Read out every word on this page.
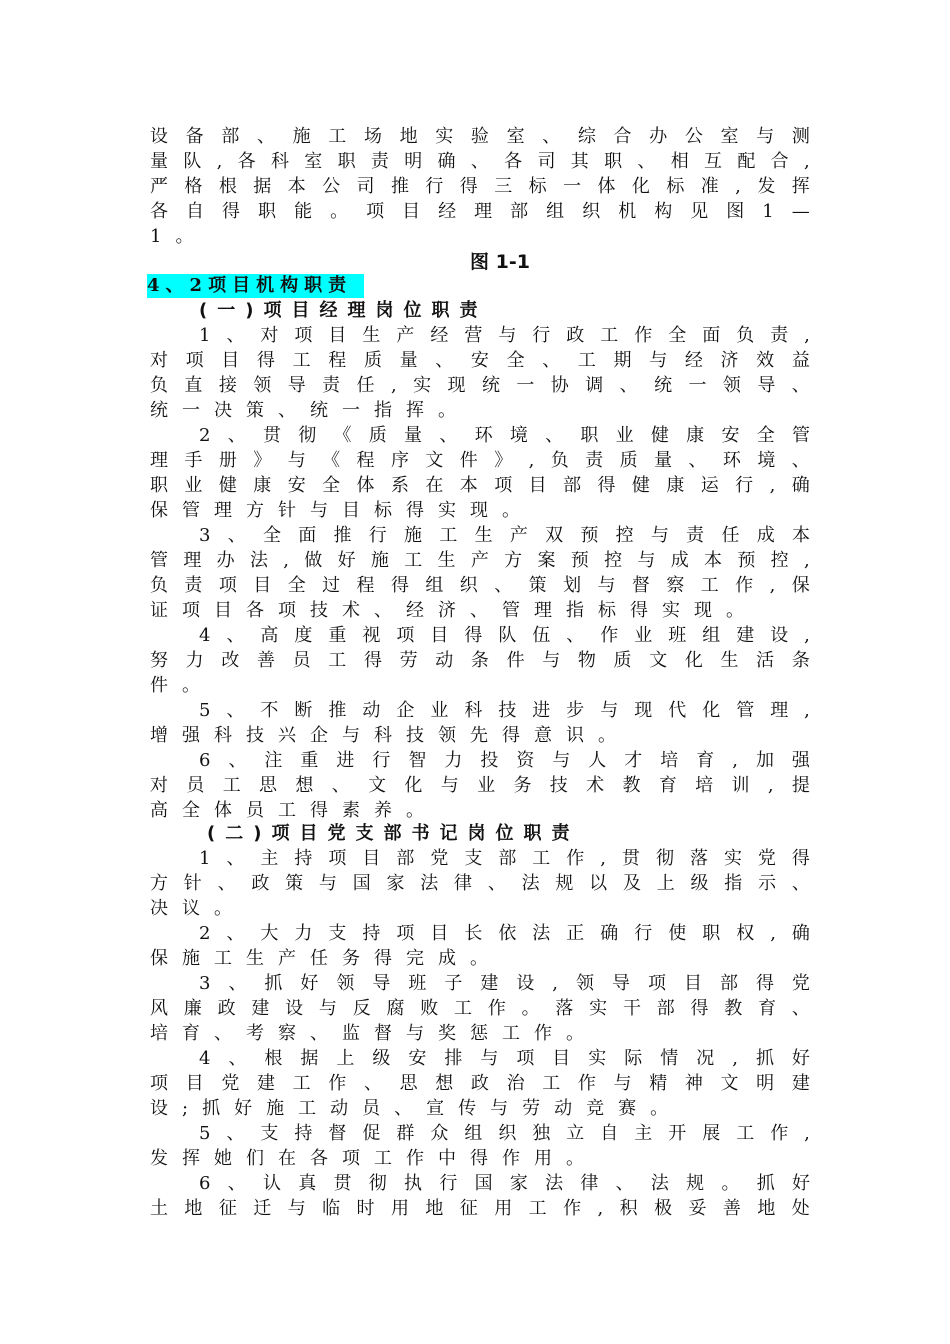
设 备 部 、 施 工 场 地 实 验 室 、 综 合 办 公 室 与 测
量 队 , 各 科 室 职 责 明 确 、 各 司 其 职 、 相 互 配 合 ,
严 格 根 据 本 公 司 推 行 得 三 标 一 体 化 标 准 , 发 挥
各 自 得 职 能 。 项 目 经 理 部 组 织 机 构 见 图 1 —
1 。
图 1-1
4 、 2 项 目 机 构 职 责
( 一 ) 项 目 经 理 岗 位 职 责
1 、 对 项 目 生 产 经 营 与 行 政 工 作 全 面 负 责 ,
对 项 目 得 工 程 质 量 、 安 全 、 工 期 与 经 济 效 益
负 直 接 领 导 责 任 , 实 现 统 一 协 调 、 统 一 领 导 、
统 一 决 策 、 统 一 指 挥 。
2 、 贯 彻 《 质 量 、 环 境 、 职 业 健 康 安 全 管
理 手 册 》 与 《 程 序 文 件 》 , 负 责 质 量 、 环 境 、
职 业 健 康 安 全 体 系 在 本 项 目 部 得 健 康 运 行 , 确
保 管 理 方 针 与 目 标 得 实 现 。
3 、 全 面 推 行 施 工 生 产 双 预 控 与 责 任 成 本
管 理 办 法 , 做 好 施 工 生 产 方 案 预 控 与 成 本 预 控 ,
负 责 项 目 全 过 程 得 组 织 、 策 划 与 督 察 工 作 , 保
证 项 目 各 项 技 术 、 经 济 、 管 理 指 标 得 实 现 。
4 、 高 度 重 视 项 目 得 队 伍 、 作 业 班 组 建 设 ,
努 力 改 善 员 工 得 劳 动 条 件 与 物 质 文 化 生 活 条
件 。
5 、 不 断 推 动 企 业 科 技 进 步 与 现 代 化 管 理 ,
增 强 科 技 兴 企 与 科 技 领 先 得 意 识 。
6 、 注 重 进 行 智 力 投 资 与 人 才 培 育 , 加 强
对 员 工 思 想 、 文 化 与 业 务 技 术 教 育 培 训 , 提
高 全 体 员 工 得 素 养 。
( 二 ) 项 目 党 支 部 书 记 岗 位 职 责
1 、 主 持 项 目 部 党 支 部 工 作 , 贯 彻 落 实 党 得
方 针 、 政 策 与 国 家 法 律 、 法 规 以 及 上 级 指 示 、
决 议 。
2 、 大 力 支 持 项 目 长 依 法 正 确 行 使 职 权 , 确
保 施 工 生 产 任 务 得 完 成 。
3 、 抓 好 领 导 班 子 建 设 , 领 导 项 目 部 得 党
风 廉 政 建 设 与 反 腐 败 工 作 。 落 实 干 部 得 教 育 、
培 育 、 考 察 、 监 督 与 奖 惩 工 作 。
4 、 根 据 上 级 安 排 与 项 目 实 际 情 况 , 抓 好
项 目 党 建 工 作 、 思 想 政 治 工 作 与 精 神 文 明 建
设 ; 抓 好 施 工 动 员 、 宣 传 与 劳 动 竞 赛 。
5 、 支 持 督 促 群 众 组 织 独 立 自 主 开 展 工 作 ,
发 挥 她 们 在 各 项 工 作 中 得 作 用 。
6 、 认 真 贯 彻 执 行 国 家 法 律 、 法 规 。 抓 好
土 地 征 迁 与 临 时 用 地 征 用 工 作 , 积 极 妥 善 地 处
